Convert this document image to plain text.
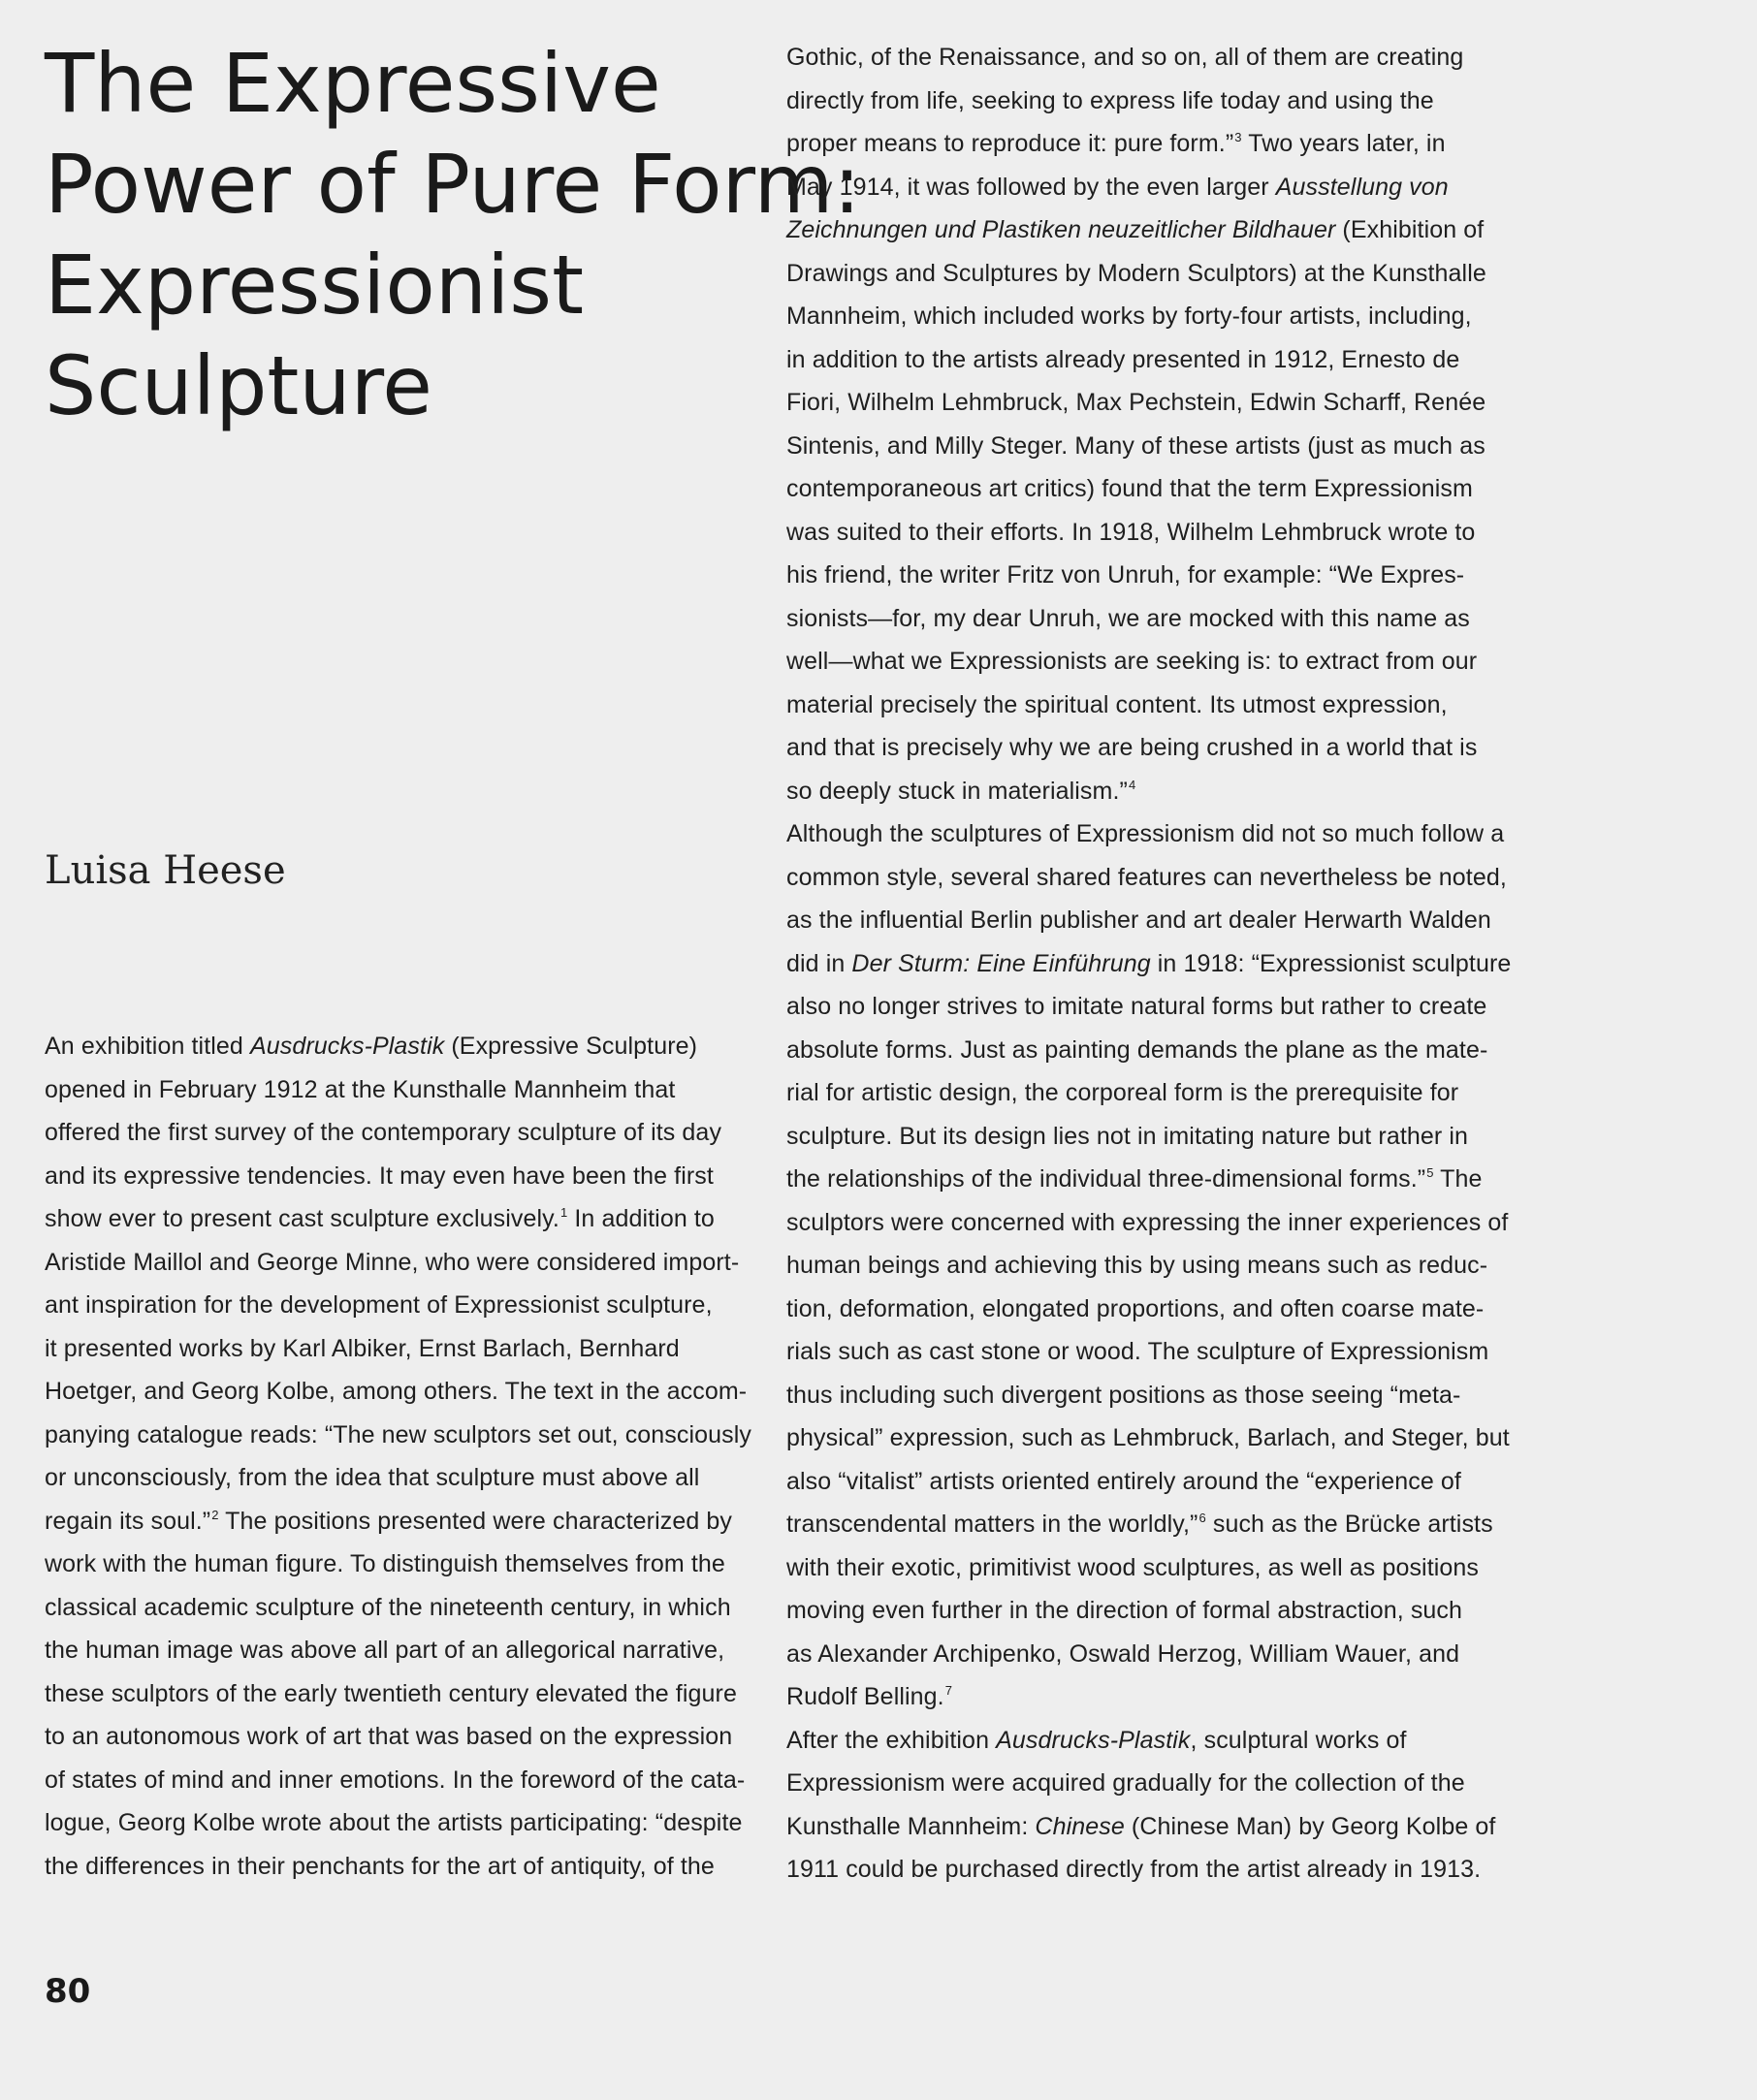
The Expressive
Power of Pure Form:
Expressionist
Sculpture

Luisa Heese

An exhibition titled Ausdrucks-Plastik (Expressive Sculpture)
opened in February 1912 at the Kunsthalle Mannheim that
offered the first survey of the contemporary sculpture of its day
and its expressive tendencies. It may even have been the first
show ever to present cast sculpture exclusively.$^1$ In addition to
Aristide Maillol and George Minne, who were considered import-
ant inspiration for the development of Expressionist sculpture,
it presented works by Karl Albiker, Ernst Barlach, Bernhard
Hoetger, and Georg Kolbe, among others. The text in the accom-
panying catalogue reads: “The new sculptors set out, consciously
or unconsciously, from the idea that sculpture must above all
regain its soul.”$^2$ The positions presented were characterized by
work with the human figure. To distinguish themselves from the
classical academic sculpture of the nineteenth century, in which
the human image was above all part of an allegorical narrative,
these sculptors of the early twentieth century elevated the figure
to an autonomous work of art that was based on the expression
of states of mind and inner emotions. In the foreword of the cata-
logue, Georg Kolbe wrote about the artists participating: “despite
the differences in their penchants for the art of antiquity, of the

Gothic, of the Renaissance, and so on, all of them are creating
directly from life, seeking to express life today and using the
proper means to reproduce it: pure form.”$^3$ Two years later, in
May 1914, it was followed by the even larger Ausstellung von
Zeichnungen und Plastiken neuzeitlicher Bildhauer (Exhibition of
Drawings and Sculptures by Modern Sculptors) at the Kunsthalle
Mannheim, which included works by forty-four artists, including,
in addition to the artists already presented in 1912, Ernesto de
Fiori, Wilhelm Lehmbruck, Max Pechstein, Edwin Scharff, Renée
Sintenis, and Milly Steger. Many of these artists (just as much as
contemporaneous art critics) found that the term Expressionism
was suited to their efforts. In 1918, Wilhelm Lehmbruck wrote to
his friend, the writer Fritz von Unruh, for example: “We Expres-
sionists—for, my dear Unruh, we are mocked with this name as
well—what we Expressionists are seeking is: to extract from our
material precisely the spiritual content. Its utmost expression,
and that is precisely why we are being crushed in a world that is
so deeply stuck in materialism.”$^4$

Although the sculptures of Expressionism did not so much follow a
common style, several shared features can nevertheless be noted,
as the influential Berlin publisher and art dealer Herwarth Walden
did in Der Sturm: Eine Einführung in 1918: “Expressionist sculpture
also no longer strives to imitate natural forms but rather to create
absolute forms. Just as painting demands the plane as the mate-
rial for artistic design, the corporeal form is the prerequisite for
sculpture. But its design lies not in imitating nature but rather in
the relationships of the individual three-dimensional forms.”$^5$ The
sculptors were concerned with expressing the inner experiences of
human beings and achieving this by using means such as reduc-
tion, deformation, elongated proportions, and often coarse mate-
rials such as cast stone or wood. The sculpture of Expressionism
thus including such divergent positions as those seeing “meta-
physical” expression, such as Lehmbruck, Barlach, and Steger, but
also “vitalist” artists oriented entirely around the “experience of
transcendental matters in the worldly,”$^6$ such as the Brücke artists
with their exotic, primitivist wood sculptures, as well as positions
moving even further in the direction of formal abstraction, such
as Alexander Archipenko, Oswald Herzog, William Wauer, and
Rudolf Belling.$^7$

After the exhibition Ausdrucks-Plastik, sculptural works of
Expressionism were acquired gradually for the collection of the
Kunsthalle Mannheim: Chinese (Chinese Man) by Georg Kolbe of
1911 could be purchased directly from the artist already in 1913.

80
